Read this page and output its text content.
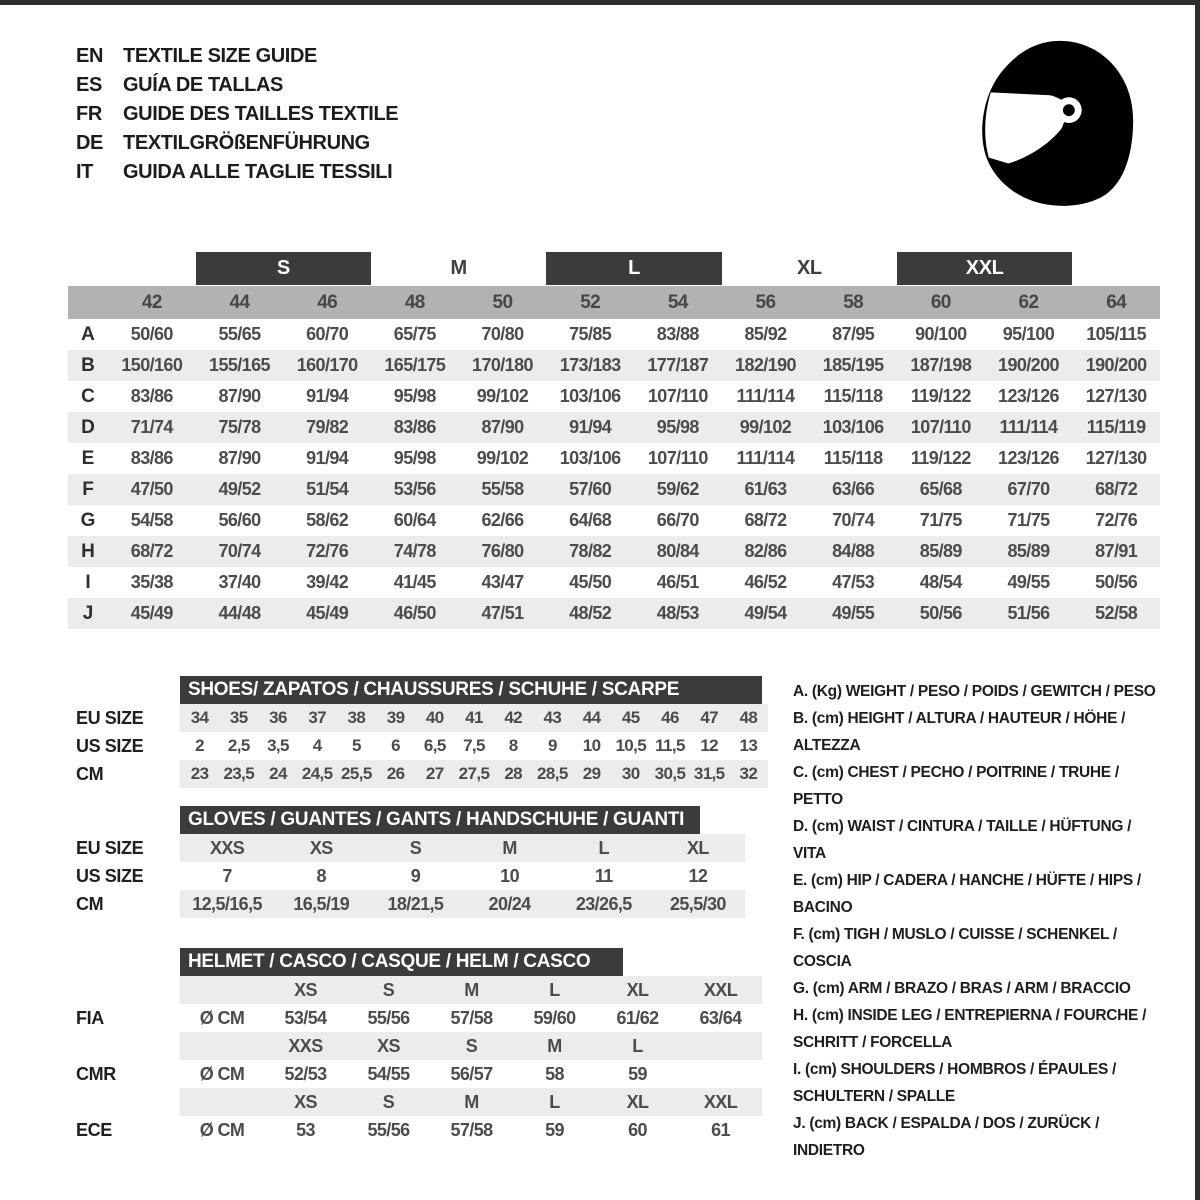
EN	TEXTILE SIZE GUIDE
ES	GUÍA DE TALLAS
FR	GUIDE DES TAILLES TEXTILE
DE	TEXTILGRÖßENFÜHRUNG
IT	GUIDA ALLE TAGLIE TESSILI
S	M	L	XL	XXL
42	44	46	48	50	52	54	56	58	60	62	64
A	50/60	55/65	60/70	65/75	70/80	75/85	83/88	85/92	87/95	90/100	95/100	105/115
B	150/160	155/165	160/170	165/175	170/180	173/183	177/187	182/190	185/195	187/198	190/200	190/200
C	83/86	87/90	91/94	95/98	99/102	103/106	107/110	111/114	115/118	119/122	123/126	127/130
D	71/74	75/78	79/82	83/86	87/90	91/94	95/98	99/102	103/106	107/110	111/114	115/119
E	83/86	87/90	91/94	95/98	99/102	103/106	107/110	111/114	115/118	119/122	123/126	127/130
F	47/50	49/52	51/54	53/56	55/58	57/60	59/62	61/63	63/66	65/68	67/70	68/72
G	54/58	56/60	58/62	60/64	62/66	64/68	66/70	68/72	70/74	71/75	71/75	72/76
H	68/72	70/74	72/76	74/78	76/80	78/82	80/84	82/86	84/88	85/89	85/89	87/91
I	35/38	37/40	39/42	41/45	43/47	45/50	46/51	46/52	47/53	48/54	49/55	50/56
J	45/49	44/48	45/49	46/50	47/51	48/52	48/53	49/54	49/55	50/56	51/56	52/58
SHOES/ ZAPATOS / CHAUSSURES / SCHUHE / SCARPE
EU SIZE	34	35	36	37	38	39	40	41	42	43	44	45	46	47	48
US SIZE	2	2,5	3,5	4	5	6	6,5	7,5	8	9	10 10,5 11,5 12	13
CM	23 23,5 24 24,5 25,5 26	27 27,5 28 28,5 29	30 30,5 31,5 32
GLOVES / GUANTES / GANTS / HANDSCHUHE / GUANTI
EU SIZE	XXS	XS	S	M	L	XL
US SIZE	7	8	9	10	11	12
CM	12,5/16,5	16,5/19	18/21,5	20/24	23/26,5	25,5/30
HELMET / CASCO / CASQUE / HELM / CASCO
XS	S	M	L	XL	XXL
FIA	Ø CM	53/54	55/56	57/58	59/60	61/62	63/64
XXS	XS	S	M	L
CMR	Ø CM	52/53	54/55	56/57	58	59
XS	S	M	L	XL	XXL
ECE	Ø CM	53	55/56	57/58	59	60	61
A. (Kg) WEIGHT / PESO / POIDS / GEWITCH / PESO
B. (cm) HEIGHT / ALTURA / HAUTEUR / HÖHE / ALTEZZA
C. (cm) CHEST / PECHO / POITRINE / TRUHE / PETTO
D. (cm) WAIST / CINTURA / TAILLE / HÜFTUNG / VITA
E. (cm) HIP / CADERA / HANCHE / HÜFTE / HIPS / BACINO
F. (cm) TIGH / MUSLO / CUISSE / SCHENKEL / COSCIA
G. (cm) ARM / BRAZO / BRAS / ARM / BRACCIO
H. (cm) INSIDE LEG / ENTREPIERNA / FOURCHE / SCHRITT / FORCELLA
I. (cm) SHOULDERS / HOMBROS / ÉPAULES / SCHULTERN / SPALLE
J. (cm) BACK / ESPALDA / DOS / ZURÜCK / INDIETRO
